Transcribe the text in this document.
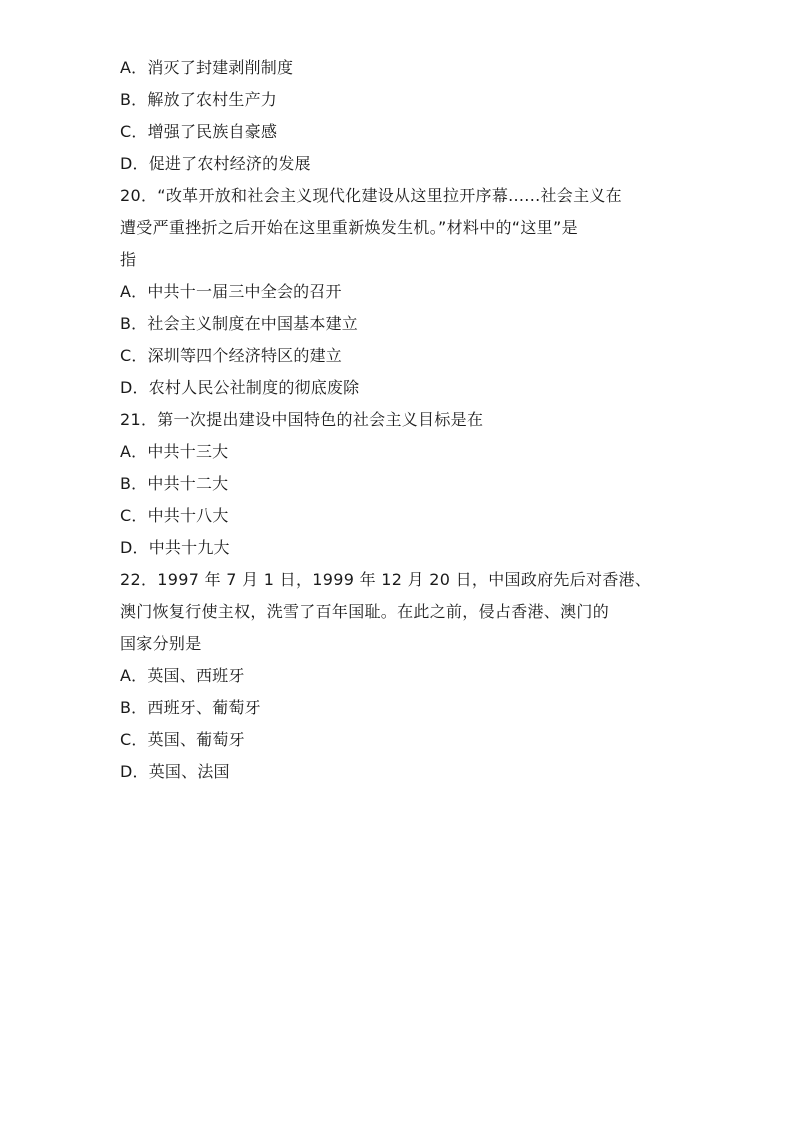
A．消灭了封建剥削制度
B．解放了农村生产力
C．增强了民族自豪感
D．促进了农村经济的发展
20．“改革开放和社会主义现代化建设从这里拉开序幕......社会主义在
遭受严重挫折之后开始在这里重新焕发生机。”材料中的“这里”是
指
A．中共十一届三中全会的召开
B．社会主义制度在中国基本建立
C．深圳等四个经济特区的建立
D．农村人民公社制度的彻底废除
21．第一次提出建设中国特色的社会主义目标是在
A．中共十三大
B．中共十二大
C．中共十八大
D．中共十九大
22．1997 年 7 月 1 日，1999 年 12 月 20 日，中国政府先后对香港、
澳门恢复行使主权，洗雪了百年国耻。在此之前，侵占香港、澳门的
国家分别是
A．英国、西班牙
B．西班牙、葡萄牙
C．英国、葡萄牙
D．英国、法国
